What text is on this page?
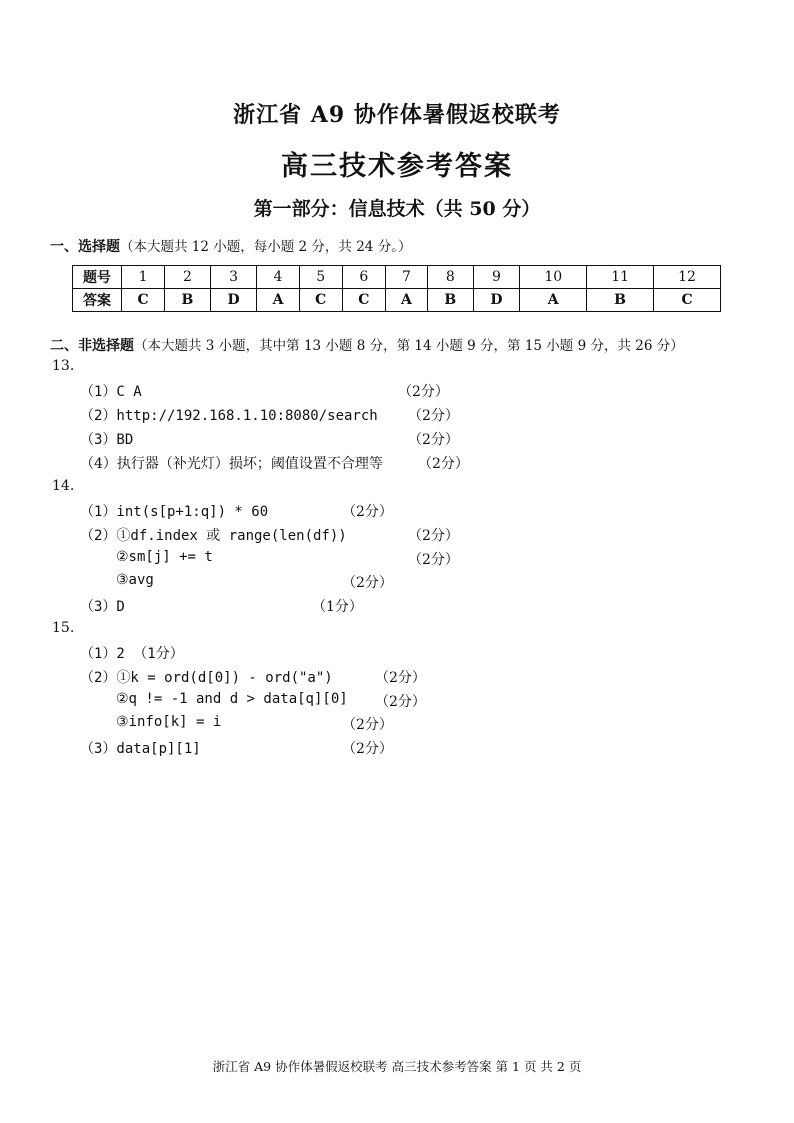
浙江省 A9 协作体暑假返校联考
高三技术参考答案
第一部分：信息技术（共 50 分）
一、选择题（本大题共 12 小题，每小题 2 分，共 24 分。）
题号	1	2	3	4	5	6	7	8	9	10	11	12
答案	C	B	D	A	C	C	A	B	D	A	B	C
二、非选择题（本大题共 3 小题，其中第 13 小题 8 分，第 14 小题 9 分，第 15 小题 9 分，共 26 分）
13.
（1）C A	（2分）
（2）http://192.168.1.10:8080/search （2分）
（3）BD	（2分）
（4）执行器（补光灯）损坏；阈值设置不合理等	（2分）
14.
（1）int(s[p+1:q]) * 60	（2分）
（2）①df.index 或 range(len(df))	（2分）
②sm[j] += t	（2分）
③avg	（2分）
（3）D	（1分）
15.
（1）2 （1分）
（2）①k = ord(d[0]) - ord("a")	（2分）
②q != -1 and d > data[q][0] （2分）
③info[k] = i	（2分）
（3）data[p][1]	（2分）
浙江省 A9 协作体暑假返校联考 高三技术参考答案 第 1 页 共 2 页
